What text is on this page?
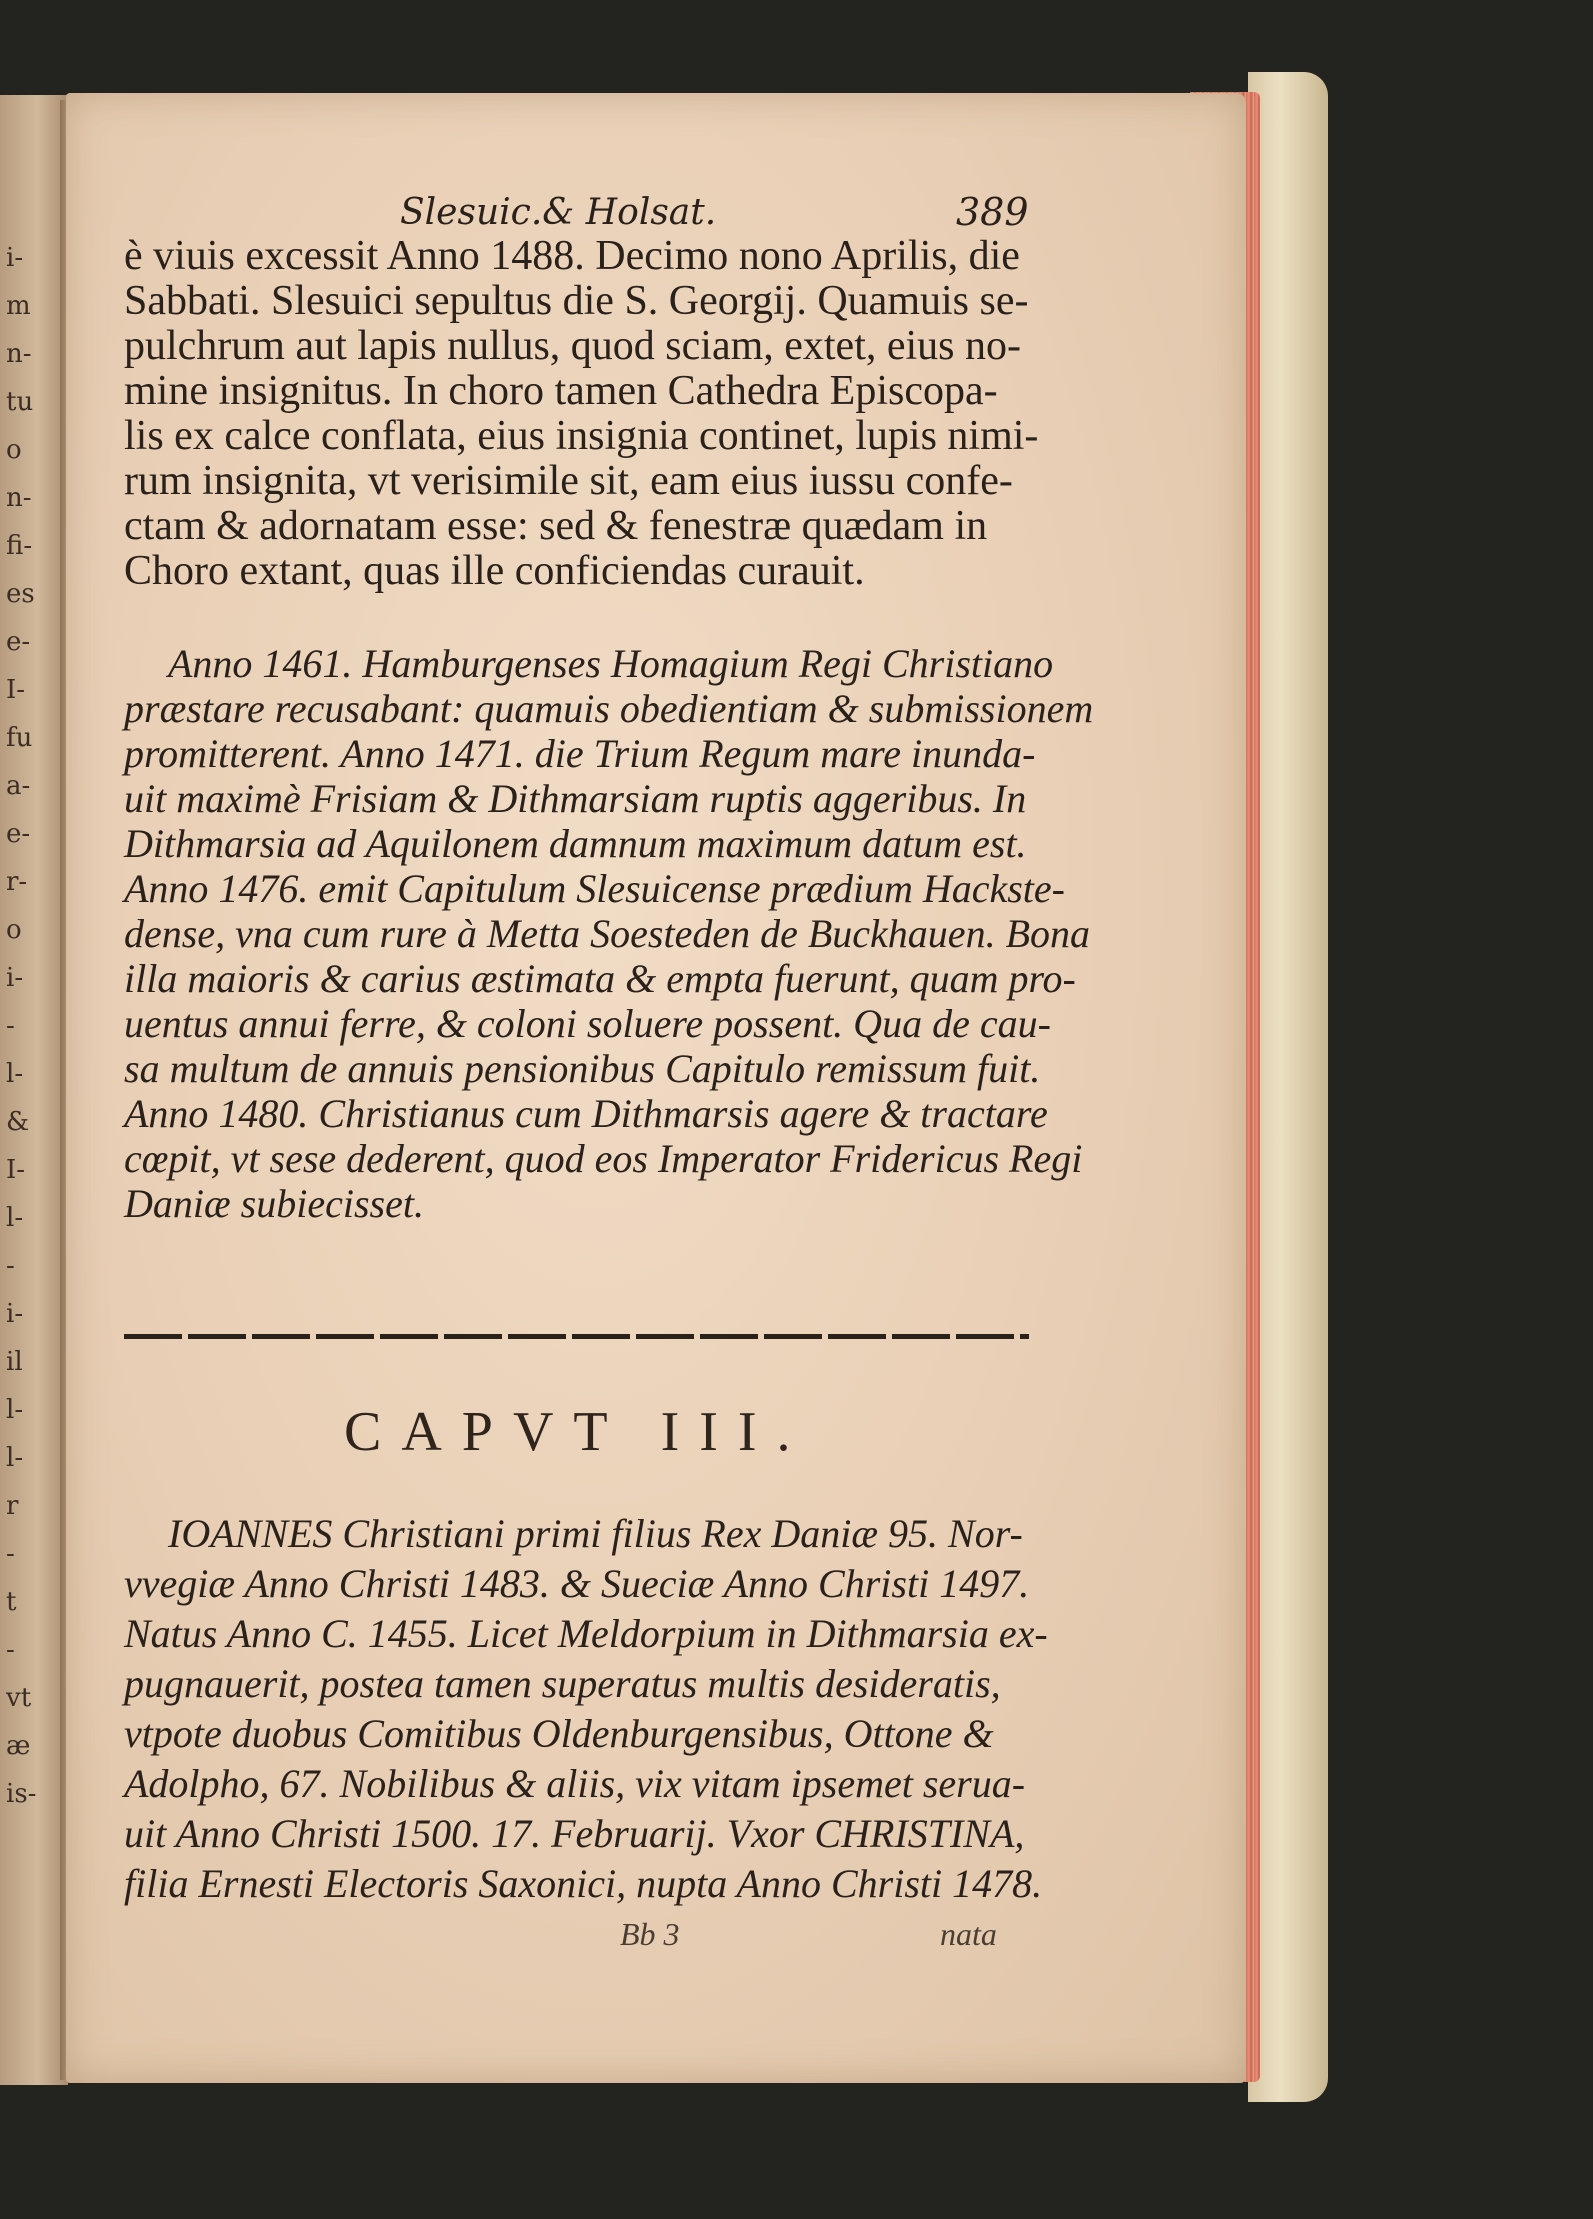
i-
m
n-
tu
o
n-
fi-
es
e-
I-
fu
a-
e-
r-
o
i-
-
l-
&
I-
l-
-
i-
il
l-
l-
r
-
t
-
vt
æ
is-
Slesuic.& Holsat.	389
è viuis excessit Anno 1488. Decimo nono Aprilis, die
Sabbati. Slesuici sepultus die S. Georgij. Quamuis se-
pulchrum aut lapis nullus, quod sciam, extet, eius no-
mine insignitus. In choro tamen Cathedra Episcopa-
lis ex calce conflata, eius insignia continet, lupis nimi-
rum insignita, vt verisimile sit, eam eius iussu confe-
ctam & adornatam esse: sed & fenestræ quædam in
Choro extant, quas ille conficiendas curauit.
Anno 1461. Hamburgenses Homagium Regi Christiano
præstare recusabant: quamuis obedientiam & submissionem
promitterent. Anno 1471. die Trium Regum mare inunda-
uit maximè Frisiam & Dithmarsiam ruptis aggeribus. In
Dithmarsia ad Aquilonem damnum maximum datum est.
Anno 1476. emit Capitulum Slesuicense prædium Hackste-
dense, vna cum rure à Metta Soesteden de Buckhauen. Bona
illa maioris & carius æstimata & empta fuerunt, quam pro-
uentus annui ferre, & coloni soluere possent. Qua de cau-
sa multum de annuis pensionibus Capitulo remissum fuit.
Anno 1480. Christianus cum Dithmarsis agere & tractare
cœpit, vt sese dederent, quod eos Imperator Fridericus Regi
Daniæ subiecisset.
CAPVT III.
IOANNES Christiani primi filius Rex Daniæ 95. Nor-
vvegiæ Anno Christi 1483. & Sueciæ Anno Christi 1497.
Natus Anno C. 1455. Licet Meldorpium in Dithmarsia ex-
pugnauerit, postea tamen superatus multis desideratis,
vtpote duobus Comitibus Oldenburgensibus, Ottone &
Adolpho, 67. Nobilibus & aliis, vix vitam ipsemet serua-
uit Anno Christi 1500. 17. Februarij. Vxor CHRISTINA,
filia Ernesti Electoris Saxonici, nupta Anno Christi 1478.
Bb 3	nata
